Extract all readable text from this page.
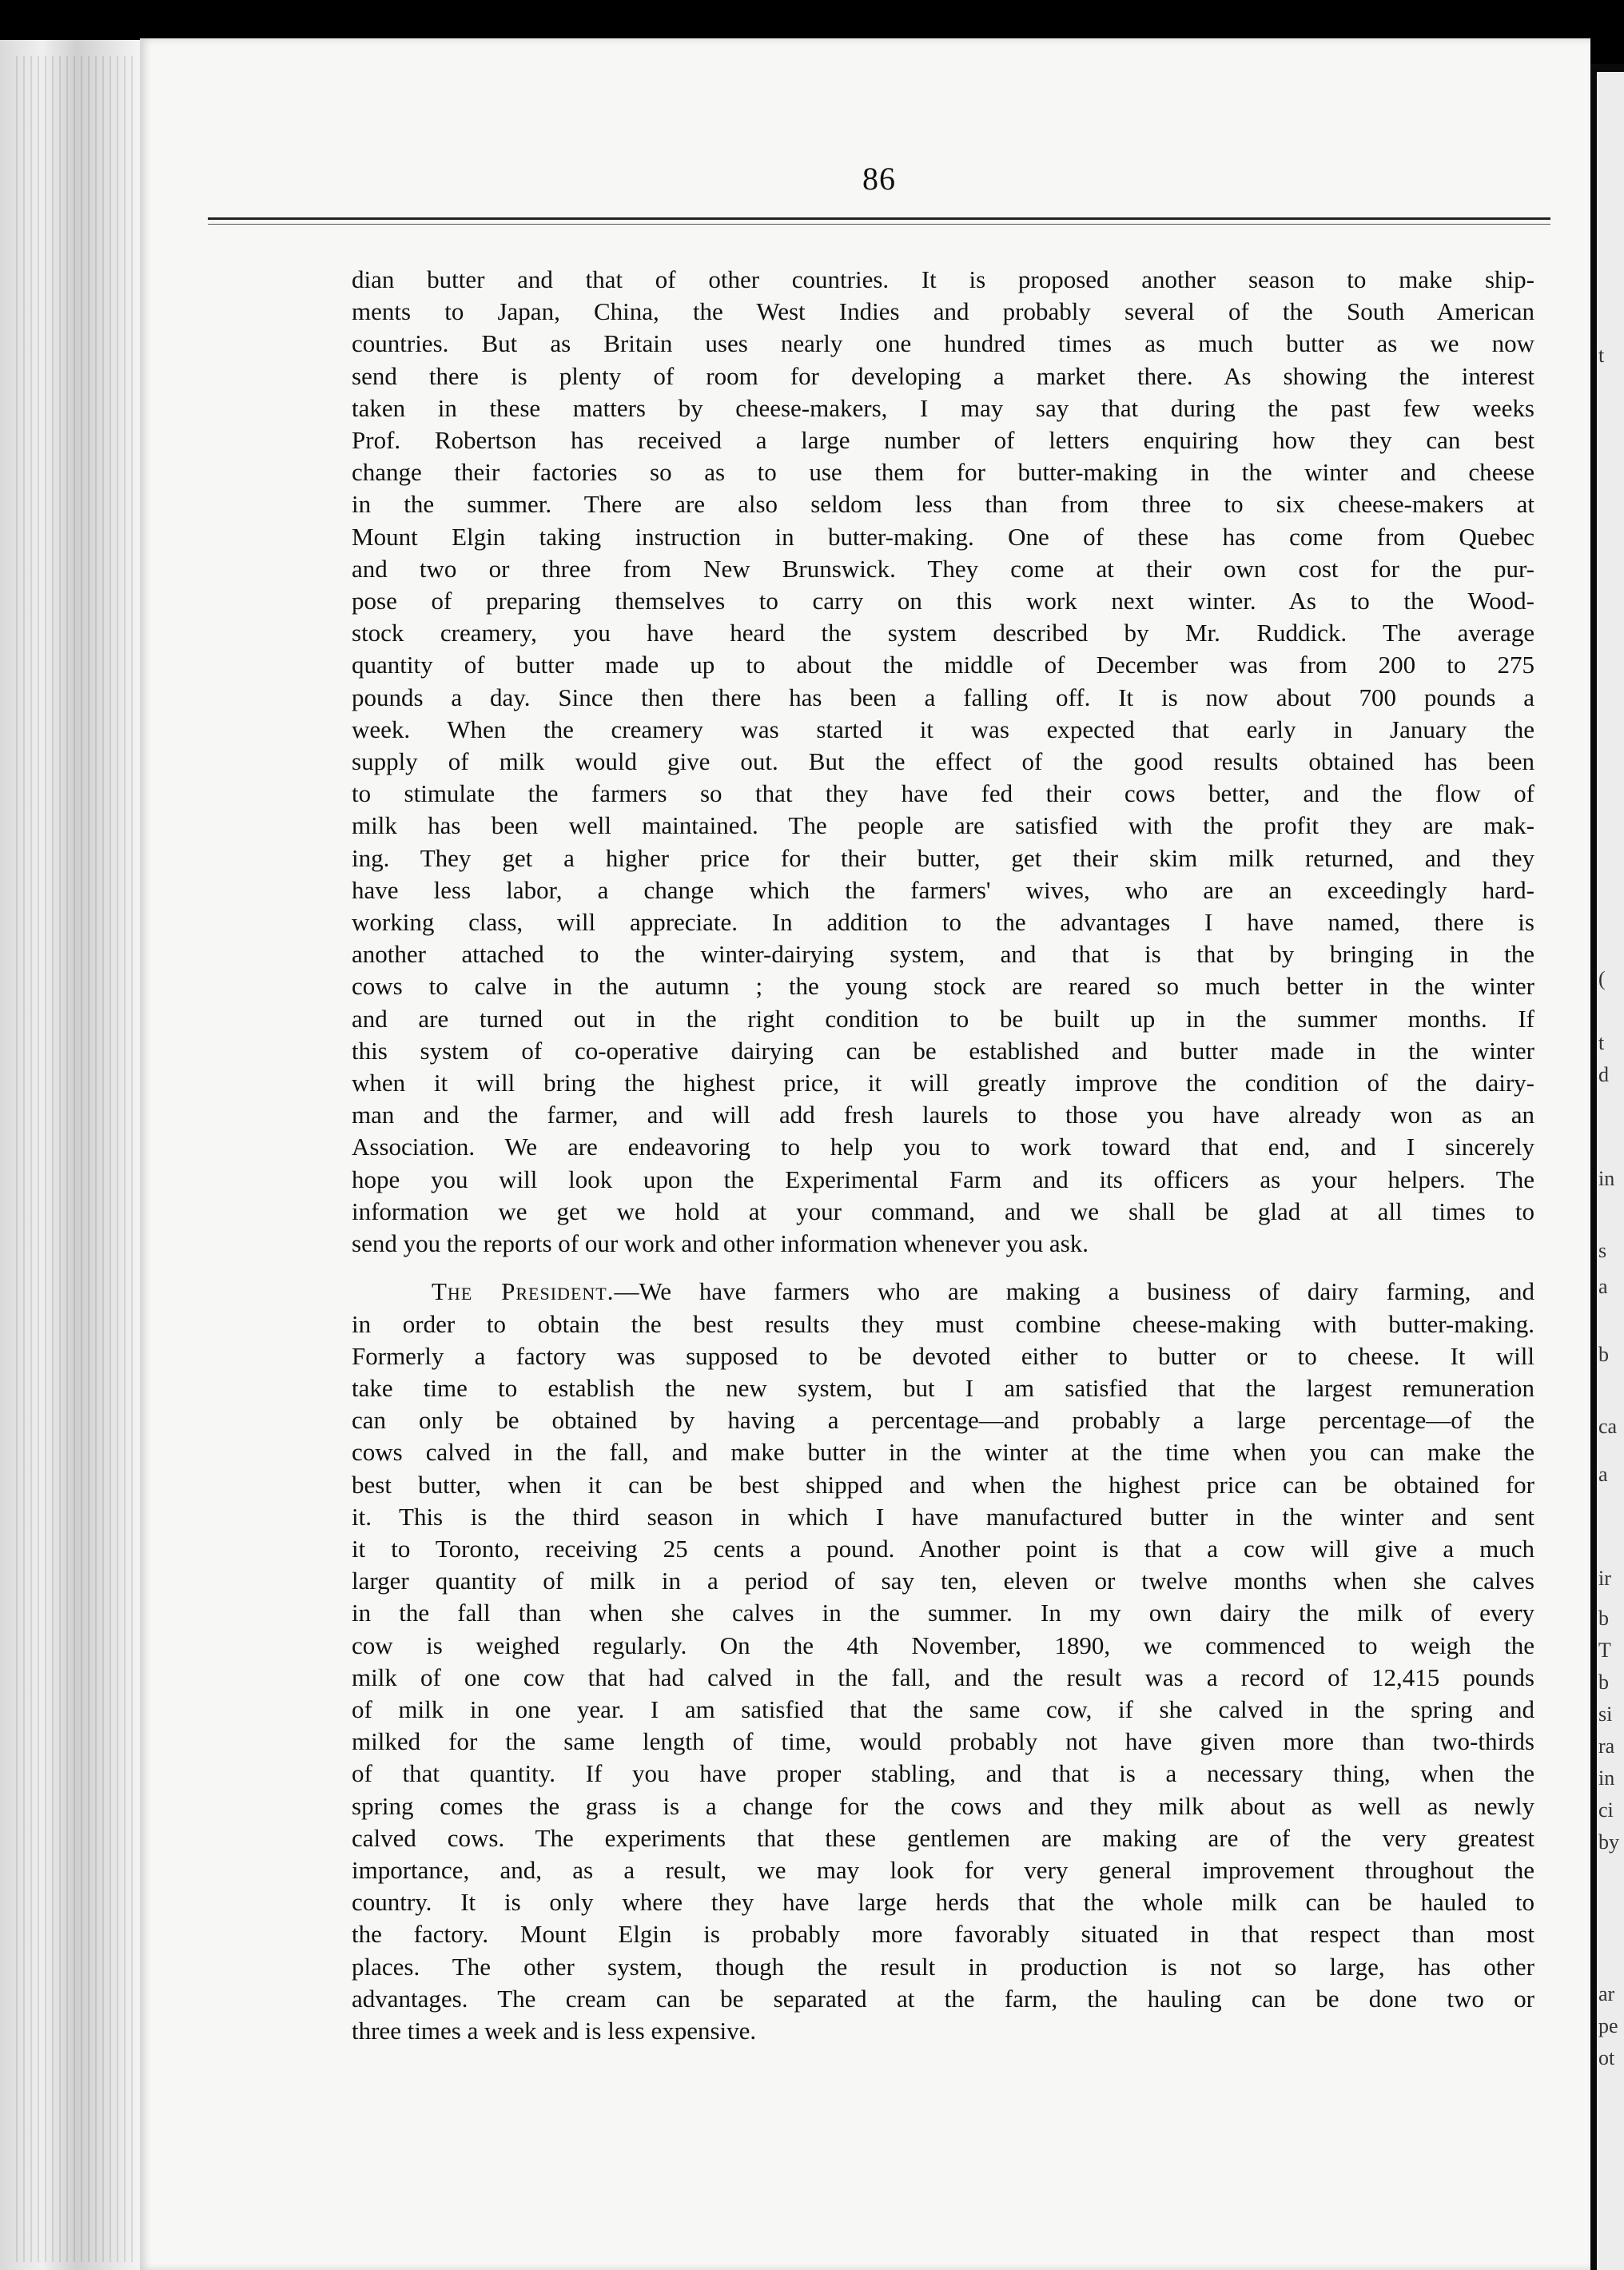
t
(
t
d
in
s
a
b
ca
a
ir
b
T
b
si
ra
in
ci
by
ar
pe
ot
86
dian butter and that of other countries. It is proposed another season to make ship-
ments to Japan, China, the West Indies and probably several of the South American
countries. But as Britain uses nearly one hundred times as much butter as we now
send there is plenty of room for developing a market there. As showing the interest
taken in these matters by cheese-makers, I may say that during the past few weeks
Prof. Robertson has received a large number of letters enquiring how they can best
change their factories so as to use them for butter-making in the winter and cheese
in the summer. There are also seldom less than from three to six cheese-makers at
Mount Elgin taking instruction in butter-making. One of these has come from Quebec
and two or three from New Brunswick. They come at their own cost for the pur-
pose of preparing themselves to carry on this work next winter. As to the Wood-
stock creamery, you have heard the system described by Mr. Ruddick. The average
quantity of butter made up to about the middle of December was from 200 to 275
pounds a day. Since then there has been a falling off. It is now about 700 pounds a
week. When the creamery was started it was expected that early in January the
supply of milk would give out. But the effect of the good results obtained has been
to stimulate the farmers so that they have fed their cows better, and the flow of
milk has been well maintained. The people are satisfied with the profit they are mak-
ing. They get a higher price for their butter, get their skim milk returned, and they
have less labor, a change which the farmers' wives, who are an exceedingly hard-
working class, will appreciate. In addition to the advantages I have named, there is
another attached to the winter-dairying system, and that is that by bringing in the
cows to calve in the autumn ; the young stock are reared so much better in the winter
and are turned out in the right condition to be built up in the summer months. If
this system of co-operative dairying can be established and butter made in the winter
when it will bring the highest price, it will greatly improve the condition of the dairy-
man and the farmer, and will add fresh laurels to those you have already won as an
Association. We are endeavoring to help you to work toward that end, and I sincerely
hope you will look upon the Experimental Farm and its officers as your helpers. The
information we get we hold at your command, and we shall be glad at all times to
send you the reports of our work and other information whenever you ask.
The President.—We have farmers who are making a business of dairy farming, and
in order to obtain the best results they must combine cheese-making with butter-making.
Formerly a factory was supposed to be devoted either to butter or to cheese. It will
take time to establish the new system, but I am satisfied that the largest remuneration
can only be obtained by having a percentage—and probably a large percentage—of the
cows calved in the fall, and make butter in the winter at the time when you can make the
best butter, when it can be best shipped and when the highest price can be obtained for
it. This is the third season in which I have manufactured butter in the winter and sent
it to Toronto, receiving 25 cents a pound. Another point is that a cow will give a much
larger quantity of milk in a period of say ten, eleven or twelve months when she calves
in the fall than when she calves in the summer. In my own dairy the milk of every
cow is weighed regularly. On the 4th November, 1890, we commenced to weigh the
milk of one cow that had calved in the fall, and the result was a record of 12,415 pounds
of milk in one year. I am satisfied that the same cow, if she calved in the spring and
milked for the same length of time, would probably not have given more than two-thirds
of that quantity. If you have proper stabling, and that is a necessary thing, when the
spring comes the grass is a change for the cows and they milk about as well as newly
calved cows. The experiments that these gentlemen are making are of the very greatest
importance, and, as a result, we may look for very general improvement throughout the
country. It is only where they have large herds that the whole milk can be hauled to
the factory. Mount Elgin is probably more favorably situated in that respect than most
places. The other system, though the result in production is not so large, has other
advantages. The cream can be separated at the farm, the hauling can be done two or
three times a week and is less expensive.
